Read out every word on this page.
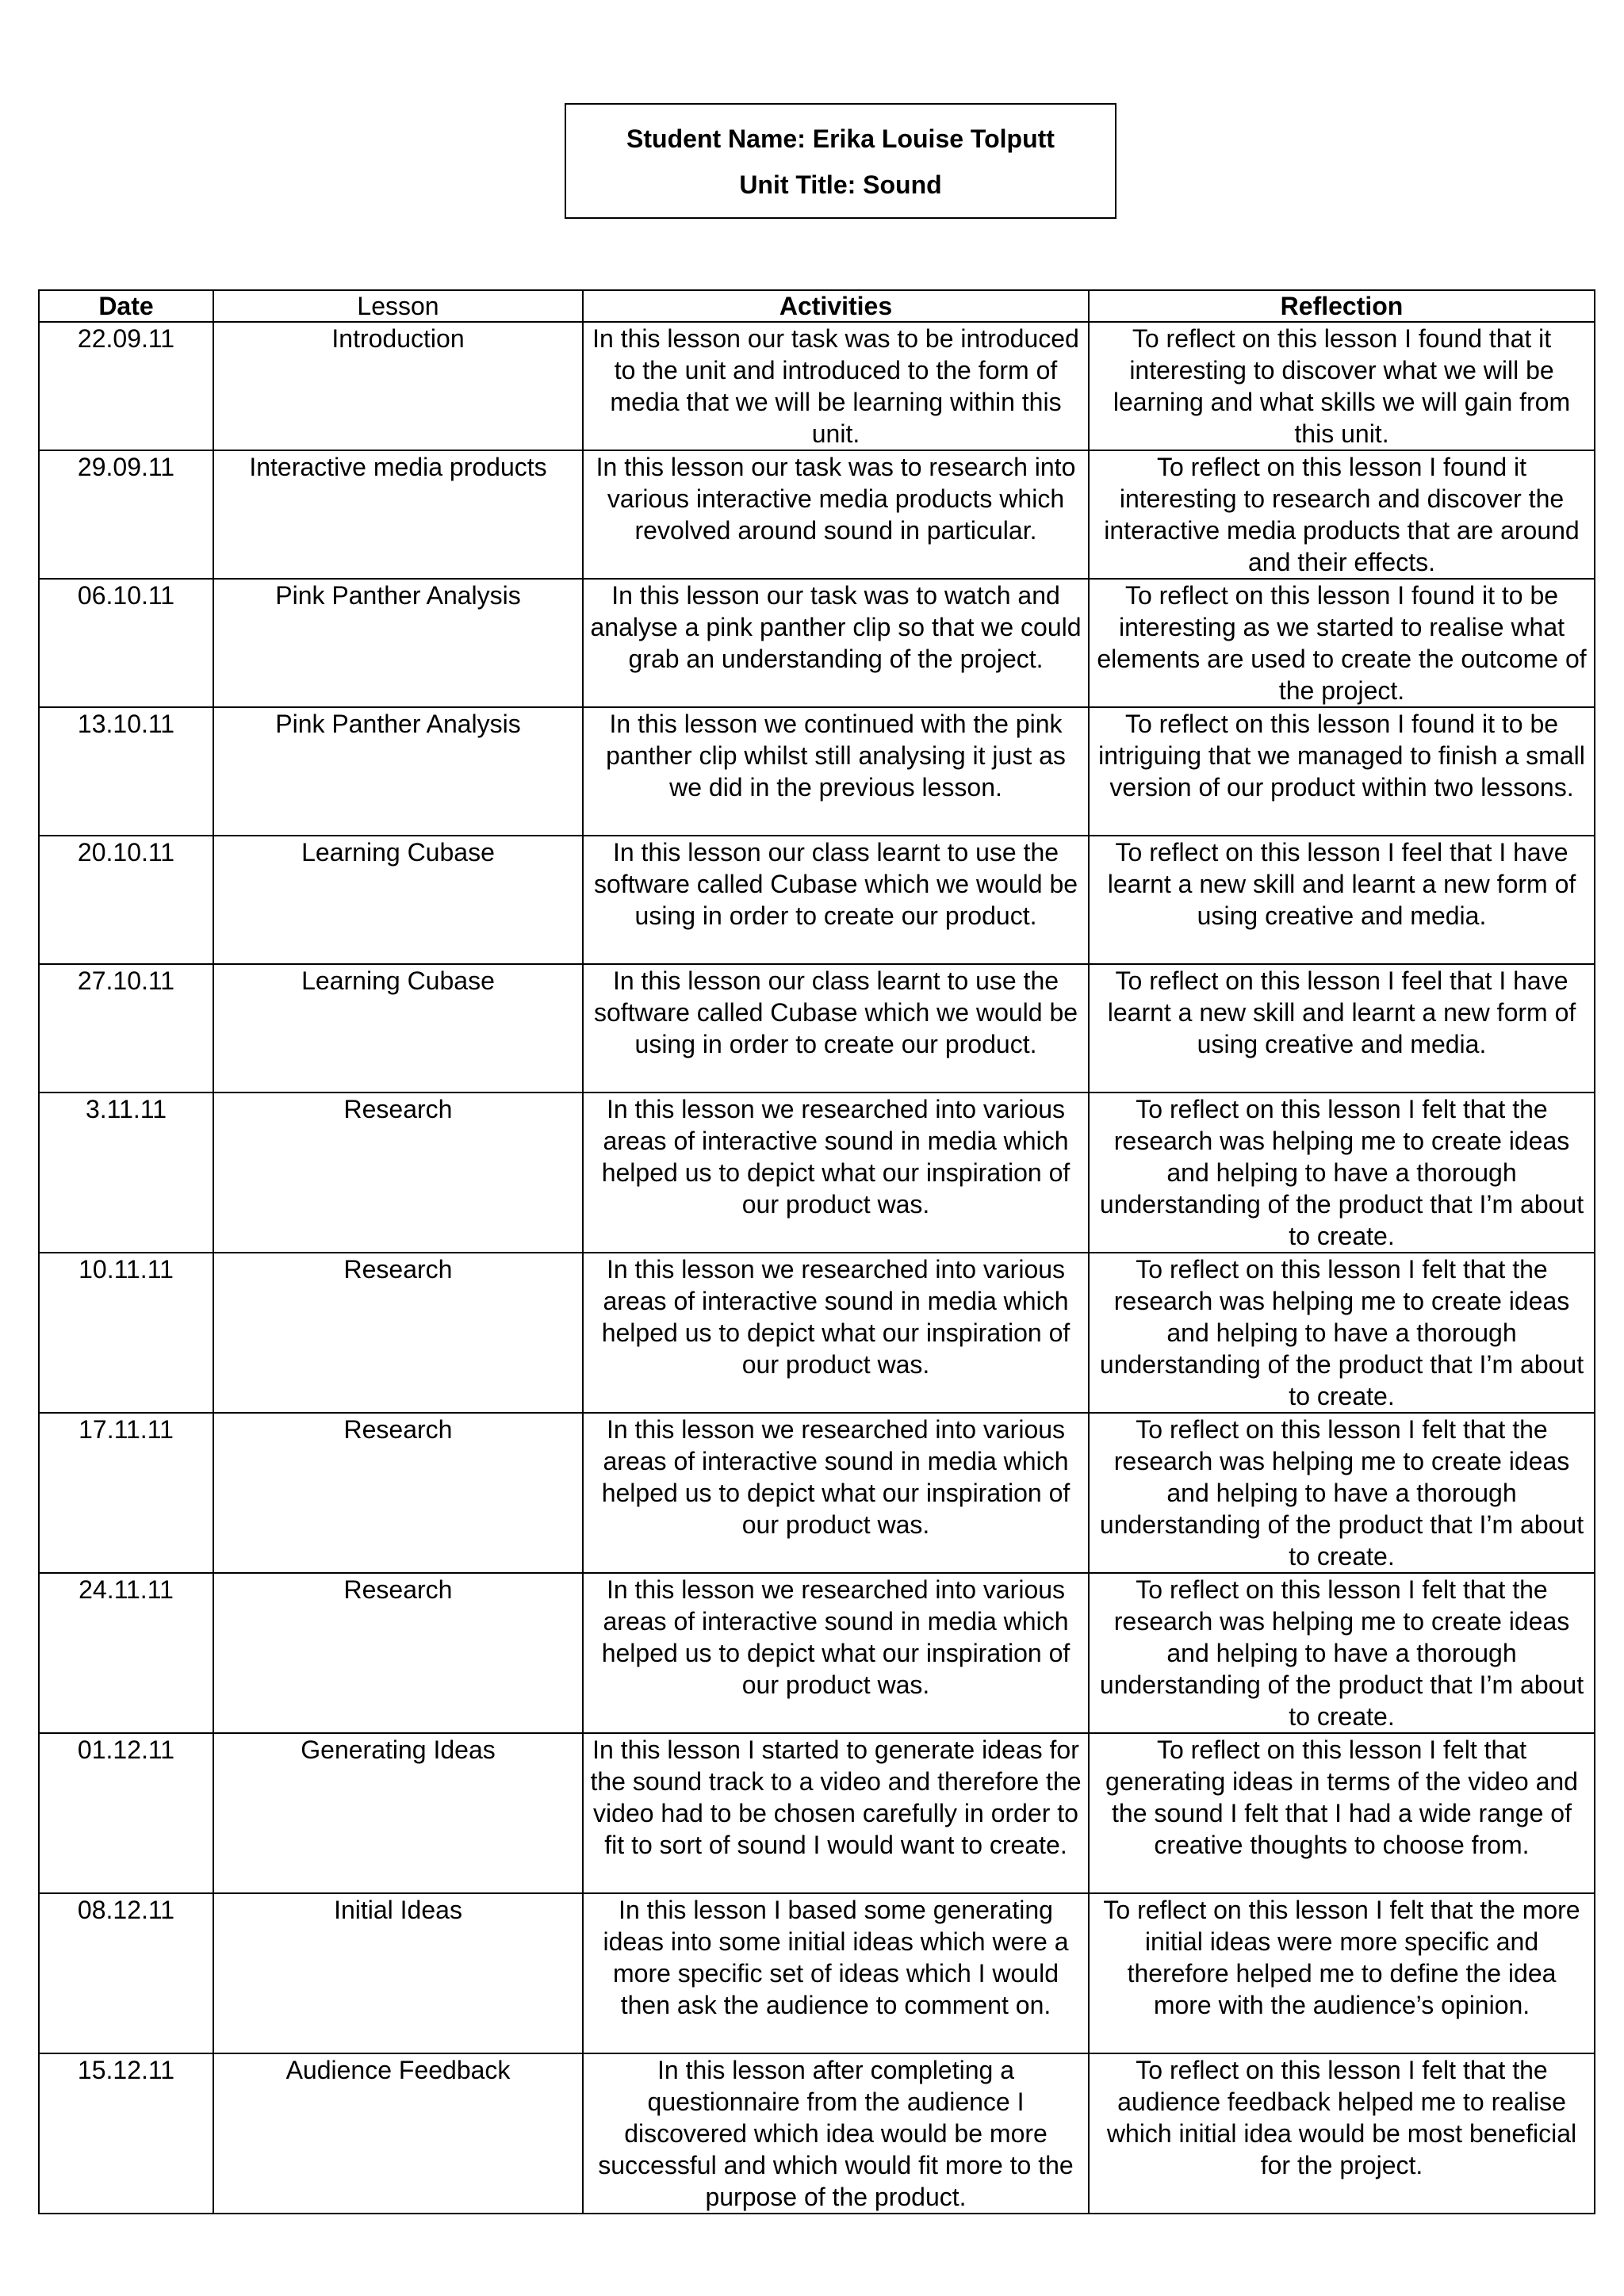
Student Name: Erika Louise Tolputt
Unit Title: Sound
Date	Lesson	Activities	Reflection
22.09.11	Introduction	In this lesson our task was to be introduced to the unit and introduced to the form of media that we will be learning within this unit.	To reflect on this lesson I found that it interesting to discover what we will be learning and what skills we will gain from this unit.
29.09.11	Interactive media products	In this lesson our task was to research into various interactive media products which revolved around sound in particular.	To reflect on this lesson I found it interesting to research and discover the interactive media products that are around and their effects.
06.10.11	Pink Panther Analysis	In this lesson our task was to watch and analyse a pink panther clip so that we could grab an understanding of the project.	To reflect on this lesson I found it to be interesting as we started to realise what elements are used to create the outcome of the project.
13.10.11	Pink Panther Analysis	In this lesson we continued with the pink panther clip whilst still analysing it just as we did in the previous lesson.	To reflect on this lesson I found it to be intriguing that we managed to finish a small version of our product within two lessons.
20.10.11	Learning Cubase	In this lesson our class learnt to use the software called Cubase which we would be using in order to create our product.	To reflect on this lesson I feel that I have learnt a new skill and learnt a new form of using creative and media.
27.10.11	Learning Cubase	In this lesson our class learnt to use the software called Cubase which we would be using in order to create our product.	To reflect on this lesson I feel that I have learnt a new skill and learnt a new form of using creative and media.
3.11.11	Research	In this lesson we researched into various areas of interactive sound in media which helped us to depict what our inspiration of our product was.	To reflect on this lesson I felt that the research was helping me to create ideas and helping to have a thorough understanding of the product that I’m about to create.
10.11.11	Research	In this lesson we researched into various areas of interactive sound in media which helped us to depict what our inspiration of our product was.	To reflect on this lesson I felt that the research was helping me to create ideas and helping to have a thorough understanding of the product that I’m about to create.
17.11.11	Research	In this lesson we researched into various areas of interactive sound in media which helped us to depict what our inspiration of our product was.	To reflect on this lesson I felt that the research was helping me to create ideas and helping to have a thorough understanding of the product that I’m about to create.
24.11.11	Research	In this lesson we researched into various areas of interactive sound in media which helped us to depict what our inspiration of our product was.	To reflect on this lesson I felt that the research was helping me to create ideas and helping to have a thorough understanding of the product that I’m about to create.
01.12.11	Generating Ideas	In this lesson I started to generate ideas for the sound track to a video and therefore the video had to be chosen carefully in order to fit to sort of sound I would want to create.	To reflect on this lesson I felt that generating ideas in terms of the video and the sound I felt that I had a wide range of creative thoughts to choose from.
08.12.11	Initial Ideas	In this lesson I based some generating ideas into some initial ideas which were a more specific set of ideas which I would then ask the audience to comment on.	To reflect on this lesson I felt that the more initial ideas were more specific and therefore helped me to define the idea more with the audience’s opinion.
15.12.11	Audience Feedback	In this lesson after completing a questionnaire from the audience I discovered which idea would be more successful and which would fit more to the purpose of the product.	To reflect on this lesson I felt that the audience feedback helped me to realise which initial idea would be most beneficial for the project.
